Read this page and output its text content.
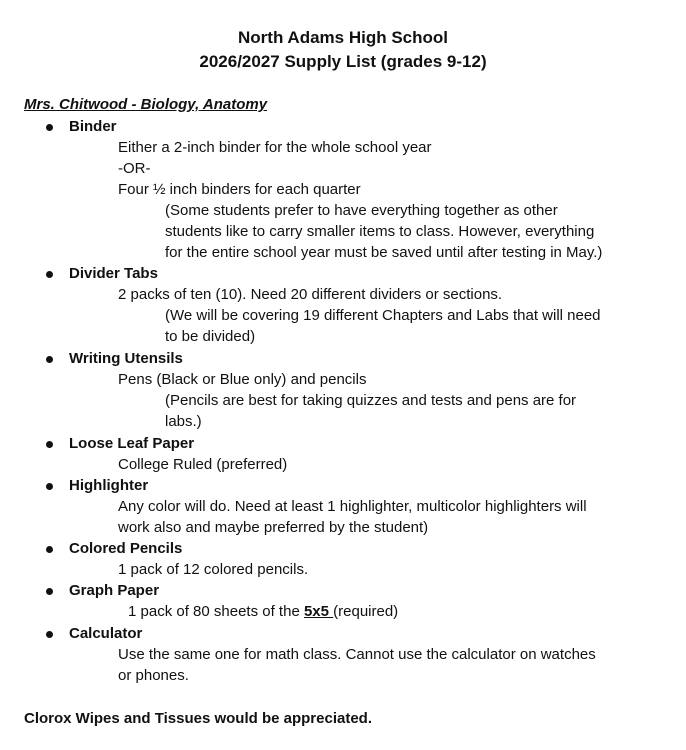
North Adams High School
2026/2027 Supply List (grades 9-12)
Mrs. Chitwood - Biology, Anatomy
Binder
Either a 2-inch binder for the whole school year
-OR-
Four ½ inch binders for each quarter
(Some students prefer to have everything together as other
students like to carry smaller items to class. However, everything
for the entire school year must be saved until after testing in May.)
Divider Tabs
2 packs of ten (10). Need 20 different dividers or sections.
(We will be covering 19 different Chapters and Labs that will need
to be divided)
Writing Utensils
Pens (Black or Blue only) and pencils
(Pencils are best for taking quizzes and tests and pens are for
labs.)
Loose Leaf Paper
College Ruled (preferred)
Highlighter
Any color will do. Need at least 1 highlighter, multicolor highlighters will
work also and maybe preferred by the student)
Colored Pencils
1 pack of 12 colored pencils.
Graph Paper
1 pack of 80 sheets of the 5x5 (required)
Calculator
Use the same one for math class. Cannot use the calculator on watches
or phones.
Clorox Wipes and Tissues would be appreciated.
